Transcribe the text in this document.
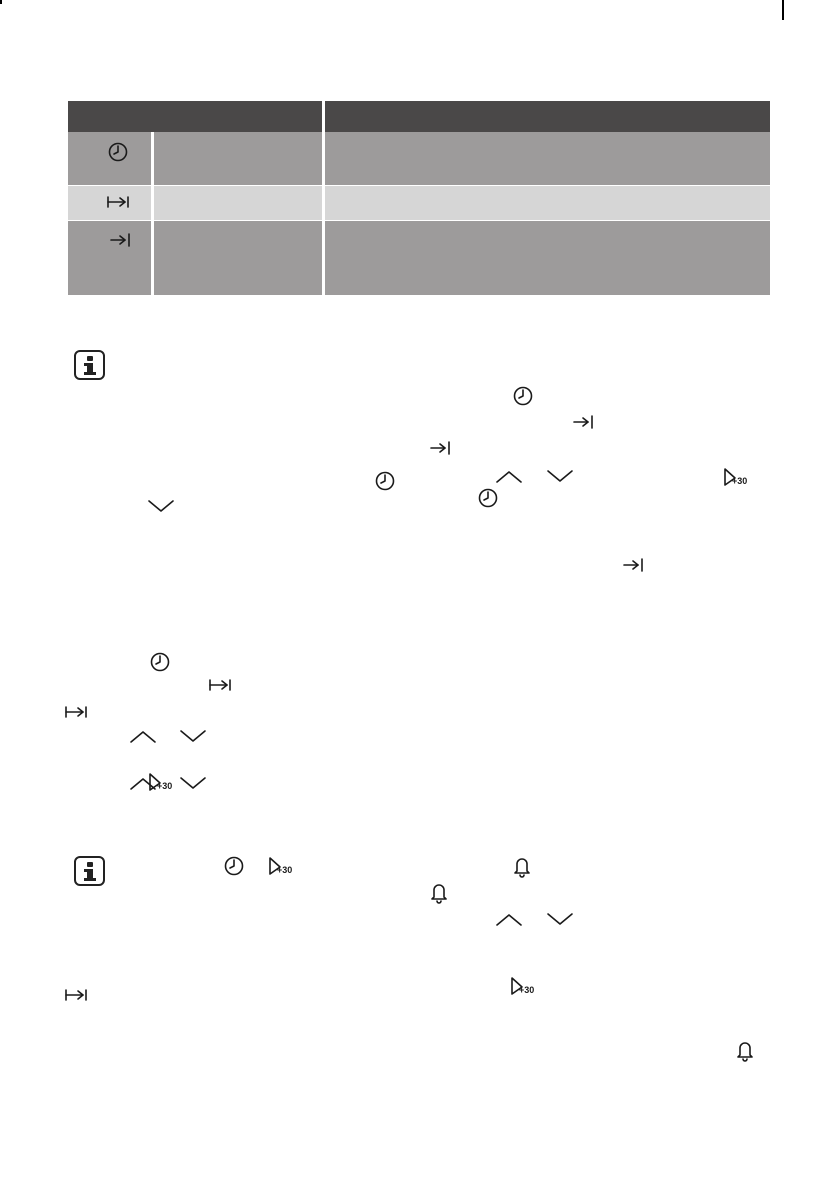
+30
+30
+30
+30
